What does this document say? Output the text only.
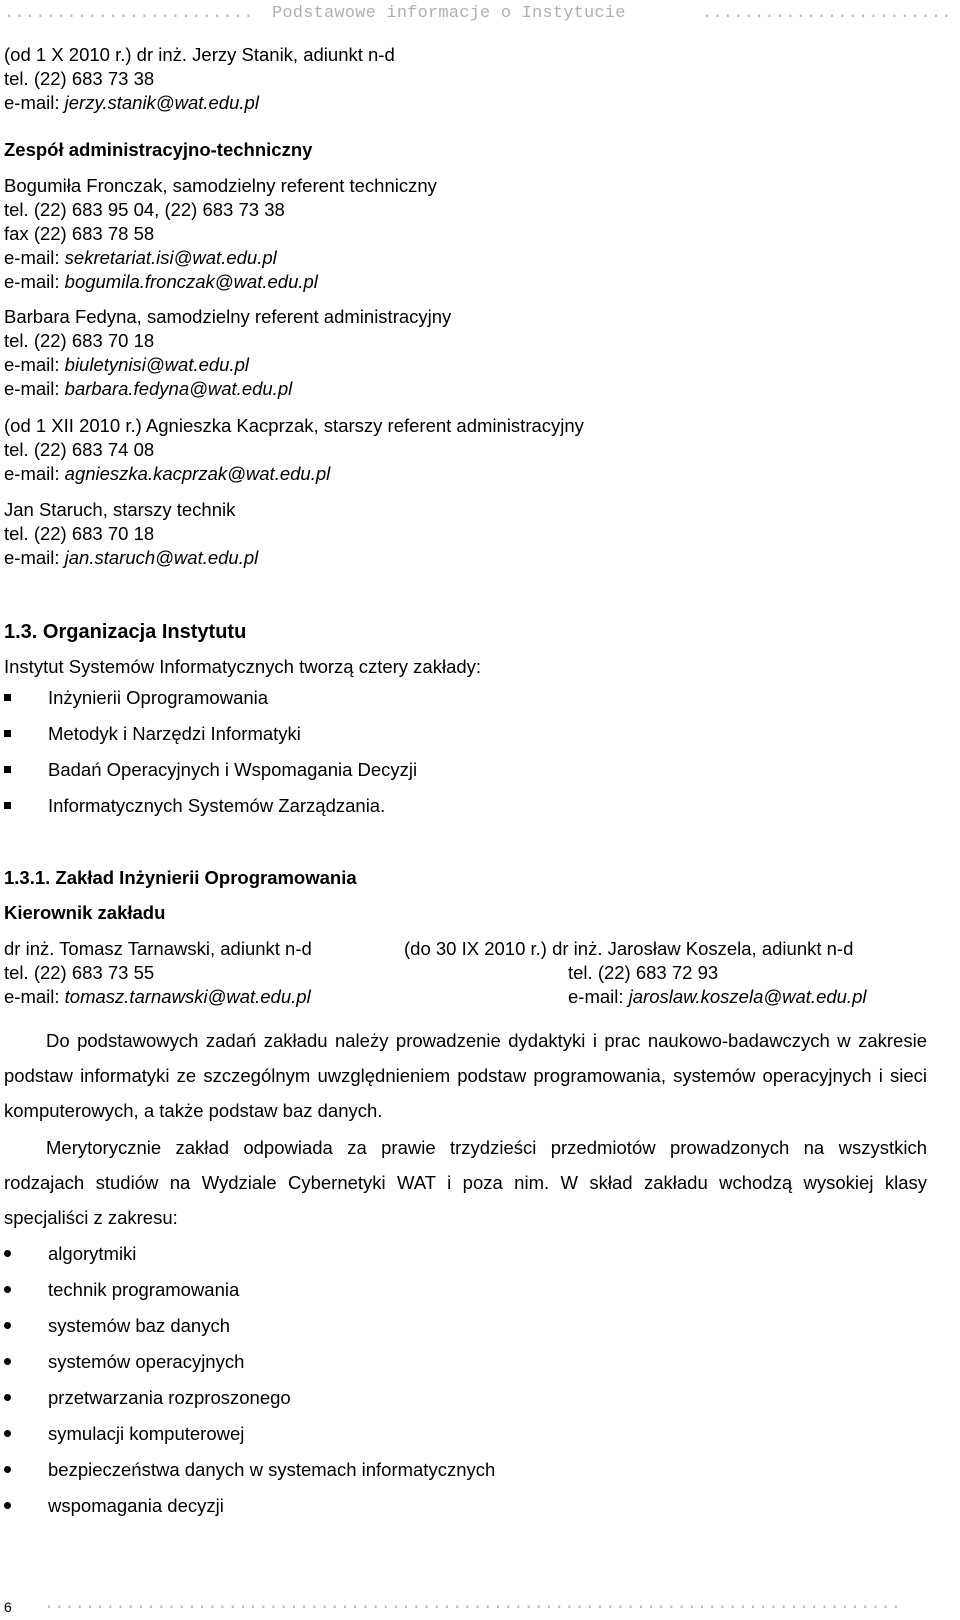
........................ Podstawowe informacje o Instytucie	........................
(od 1 X 2010 r.) dr inż. Jerzy Stanik, adiunkt n-d
tel. (22) 683 73 38
e-mail: jerzy.stanik@wat.edu.pl
Zespół administracyjno-techniczny
Bogumiła Fronczak, samodzielny referent techniczny
tel. (22) 683 95 04, (22) 683 73 38
fax (22) 683 78 58
e-mail: sekretariat.isi@wat.edu.pl
e-mail: bogumila.fronczak@wat.edu.pl
Barbara Fedyna, samodzielny referent administracyjny
tel. (22) 683 70 18
e-mail: biuletynisi@wat.edu.pl
e-mail: barbara.fedyna@wat.edu.pl
(od 1 XII 2010 r.) Agnieszka Kacprzak, starszy referent administracyjny
tel. (22) 683 74 08
e-mail: agnieszka.kacprzak@wat.edu.pl
Jan Staruch, starszy technik
tel. (22) 683 70 18
e-mail: jan.staruch@wat.edu.pl
1.3. Organizacja Instytutu
Instytut Systemów Informatycznych tworzą cztery zakłady:
Inżynierii Oprogramowania
Metodyk i Narzędzi Informatyki
Badań Operacyjnych i Wspomagania Decyzji
Informatycznych Systemów Zarządzania.
1.3.1. Zakład Inżynierii Oprogramowania
Kierownik zakładu
dr inż. Tomasz Tarnawski, adiunkt n-d
tel. (22) 683 73 55
e-mail: tomasz.tarnawski@wat.edu.pl
(do 30 IX 2010 r.) dr inż. Jarosław Koszela, adiunkt n-d
tel. (22) 683 72 93
e-mail: jaroslaw.koszela@wat.edu.pl
Do podstawowych zadań zakładu należy prowadzenie dydaktyki i prac naukowo-badawczych w zakresie podstaw informatyki ze szczególnym uwzględnieniem podstaw programowania, systemów operacyjnych i sieci komputerowych, a także podstaw baz danych.
Merytorycznie zakład odpowiada za prawie trzydzieści przedmiotów prowadzonych na wszystkich rodzajach studiów na Wydziale Cybernetyki WAT i poza nim. W skład zakładu wchodzą wysokiej klasy specjaliści z zakresu:
algorytmiki
technik programowania
systemów baz danych
systemów operacyjnych
przetwarzania rozproszonego
symulacji komputerowej
bezpieczeństwa danych w systemach informatycznych
wspomagania decyzji
6 ....................................................................................
